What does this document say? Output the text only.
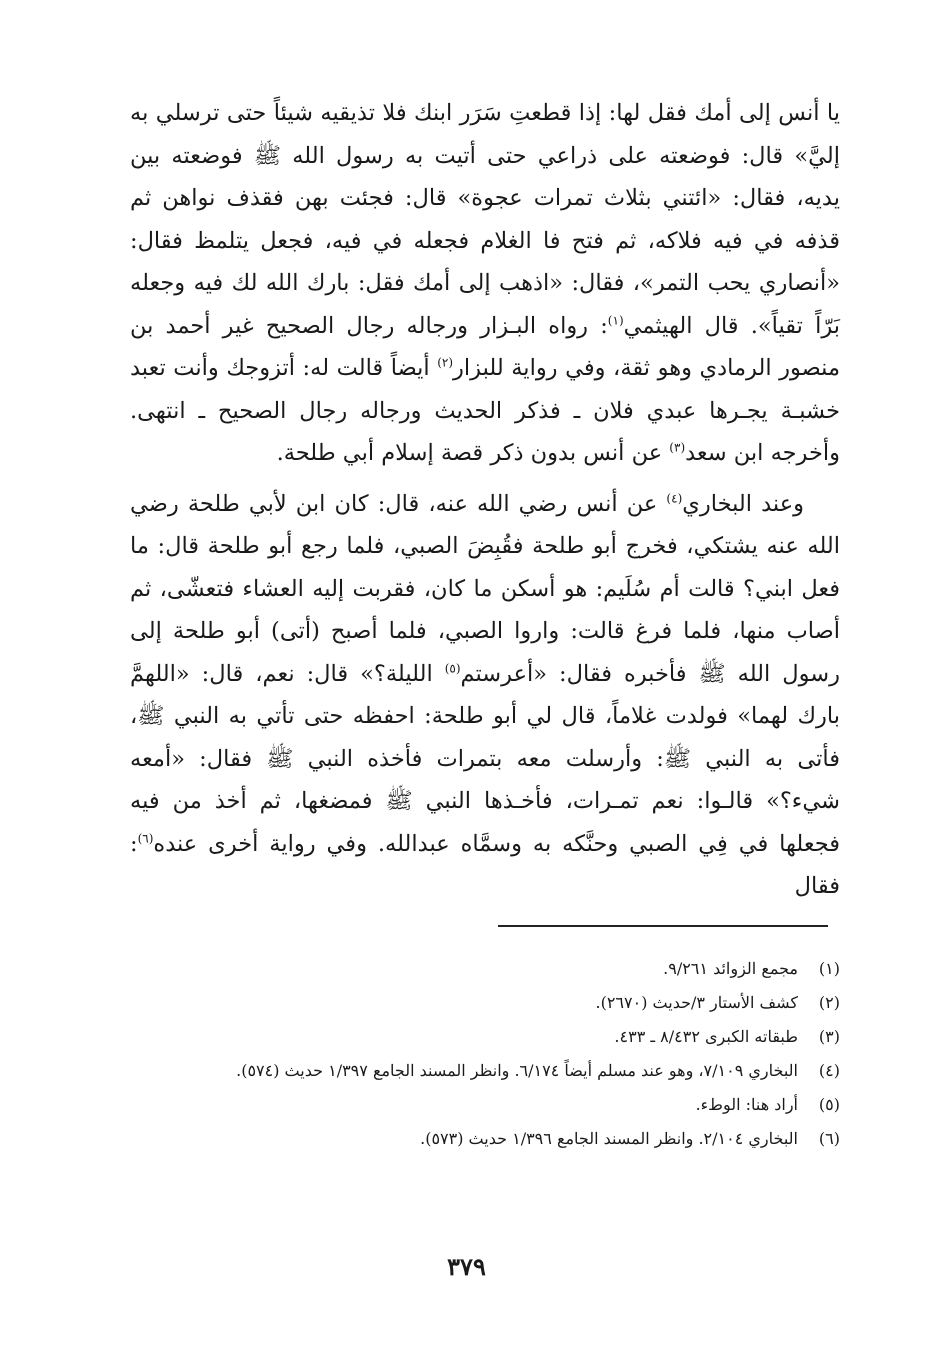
يا أنس إلى أمك فقل لها: إذا قطعتِ سَرَر ابنك فلا تذيقيه شيئاً حتى ترسلي به إليَّ» قال: فوضعته على ذراعي حتى أتيت به رسول الله ﷺ فوضعته بين يديه، فقال: «ائتني بثلاث تمرات عجوة» قال: فجئت بهن فقذف نواهن ثم قذفه في فيه فلاكه، ثم فتح فا الغلام فجعله في فيه، فجعل يتلمظ فقال: «أنصاري يحب التمر»، فقال: «اذهب إلى أمك فقل: بارك الله لك فيه وجعله بَرّاً تقياً». قال الهيثمي$^{(١)}$: رواه البـزار ورجاله رجال الصحيح غير أحمد بن منصور الرمادي وهو ثقة، وفي رواية للبزار$^{(٢)}$ أيضاً قالت له: أتزوجك وأنت تعبد خشبـة يجـرها عبدي فلان ـ فذكر الحديث ورجاله رجال الصحيح ـ انتهى. وأخرجه ابن سعد$^{(٣)}$ عن أنس بدون ذكر قصة إسلام أبي طلحة.

وعند البخاري$^{(٤)}$ عن أنس رضي الله عنه، قال: كان ابن لأبي طلحة رضي الله عنه يشتكي، فخرج أبو طلحة فقُبِضَ الصبي، فلما رجع أبو طلحة قال: ما فعل ابني؟ قالت أم سُلَيم: هو أسكن ما كان، فقربت إليه العشاء فتعشّى، ثم أصاب منها، فلما فرغ قالت: واروا الصبي، فلما أصبح (أتى) أبو طلحة إلى رسول الله ﷺ فأخبره فقال: «أعرستم$^{(٥)}$ الليلة؟» قال: نعم، قال: «اللهمَّ بارك لهما» فولدت غلاماً، قال لي أبو طلحة: احفظه حتى تأتي به النبي ﷺ، فأتى به النبي ﷺ: وأرسلت معه بتمرات فأخذه النبي ﷺ فقال: «أمعه شيء؟» قالـوا: نعم تمـرات، فأخـذها النبي ﷺ فمضغها، ثم أخذ من فيه فجعلها في فِي الصبي وحنَّكه به وسمَّاه عبدالله. وفي رواية أخرى عنده$^{(٦)}$: فقال

(١)
مجمع الزوائد ٩/٢٦١.
(٢)
كشف الأستار ٣/حديث (٢٦٧٠).
(٣)
طبقاته الكبرى ٨/٤٣٢ ـ ٤٣٣.
(٤)
البخاري ٧/١٠٩، وهو عند مسلم أيضاً ٦/١٧٤. وانظر المسند الجامع ١/٣٩٧ حديث (٥٧٤).
(٥)
أراد هنا: الوطء.
(٦)
البخاري ٢/١٠٤. وانظر المسند الجامع ١/٣٩٦ حديث (٥٧٣).
٣٧٩
